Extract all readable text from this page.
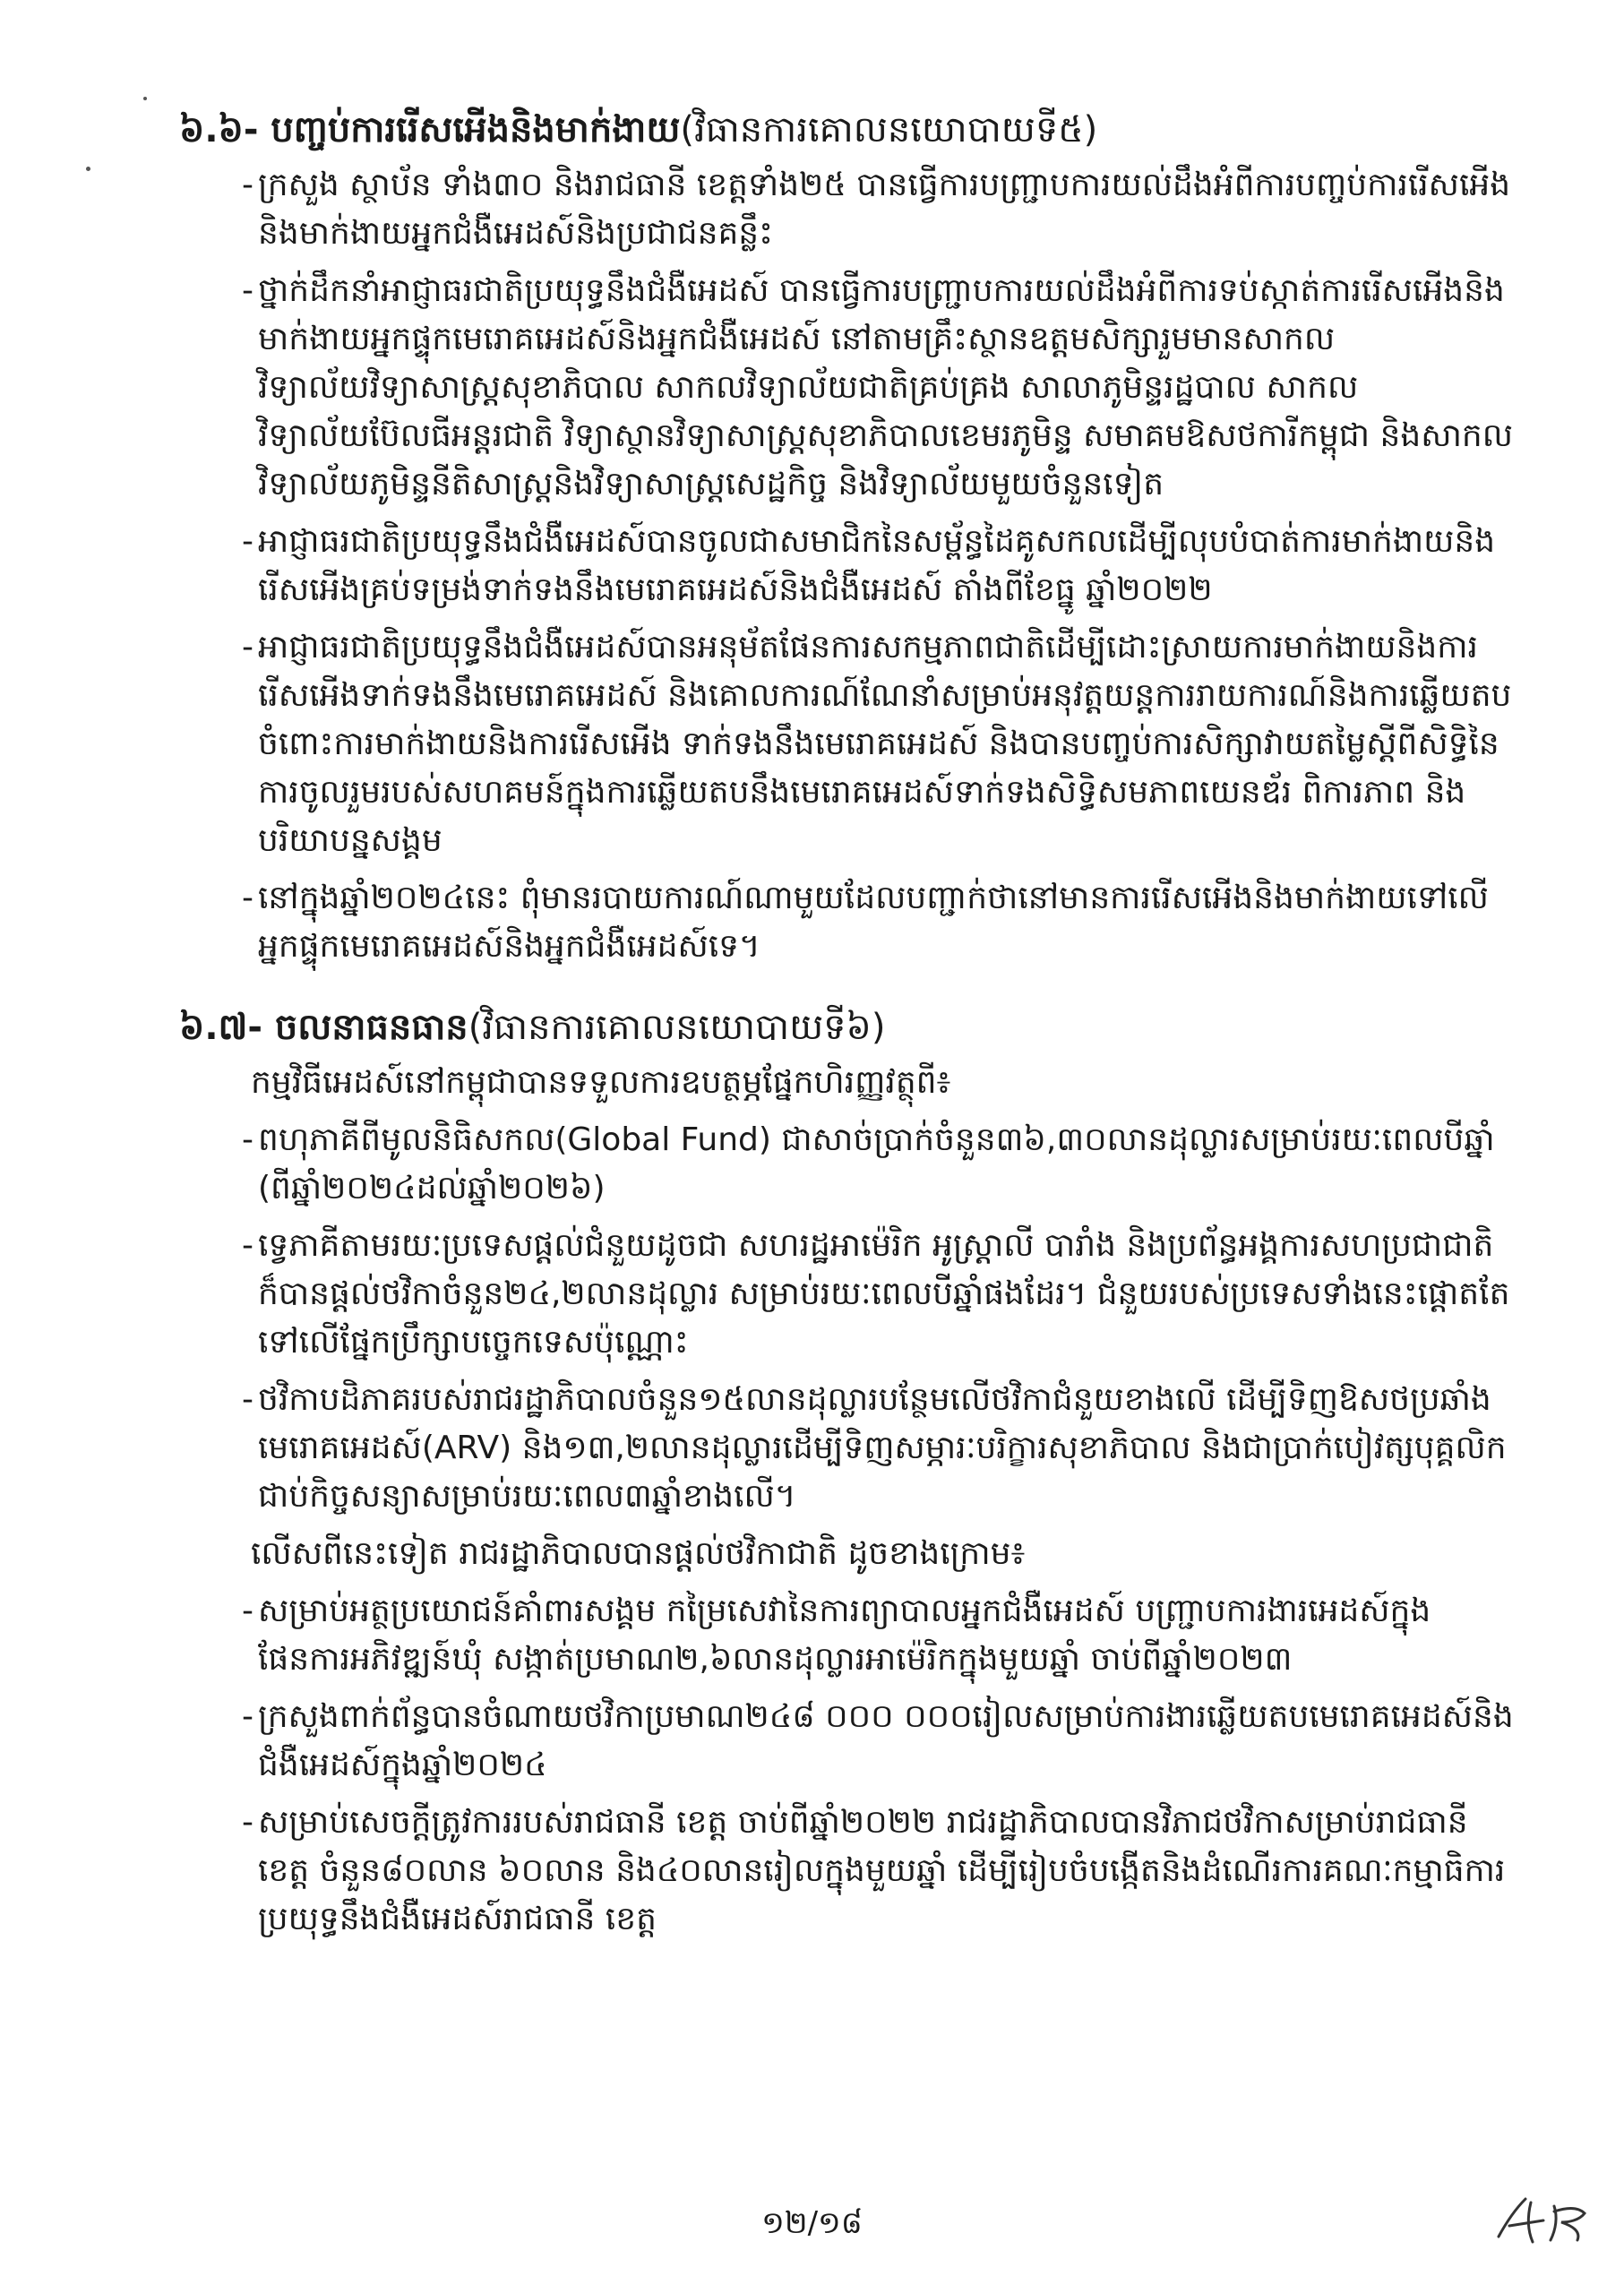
៦.៦- បញ្ចប់ការរើសអើងនិងមាក់ងាយ(វិធានការគោលនយោបាយទី៥)
- ក្រសួង ស្ថាប័ន ទាំង៣០ និងរាជធានី ខេត្តទាំង២៥ បានធ្វើការបញ្ជ្រាបការយល់ដឹងអំពីការបញ្ចប់ការរើសអើងនិងមាក់ងាយអ្នកជំងឺអេដស៍និងប្រជាជនគន្លឹះ
- ថ្នាក់ដឹកនាំអាជ្ញាធរជាតិប្រយុទ្ធនឹងជំងឺអេដស៍ បានធ្វើការបញ្ជ្រាបការយល់ដឹងអំពីការទប់ស្កាត់ការរើសអើងនិងមាក់ងាយអ្នកផ្ទុកមេរោគអេដស៍និងអ្នកជំងឺអេដស៍ នៅតាមគ្រឹះស្ថានឧត្តមសិក្សារួមមានសាកលវិទ្យាល័យវិទ្យាសាស្ត្រសុខាភិបាល សាកលវិទ្យាល័យជាតិគ្រប់គ្រង សាលាភូមិន្ទរដ្ឋបាល សាកលវិទ្យាល័យប៊ែលធីអន្តរជាតិ វិទ្យាស្ថានវិទ្យាសាស្ត្រសុខាភិបាលខេមរភូមិន្ទ សមាគមឱសថការីកម្ពុជា និងសាកលវិទ្យាល័យភូមិន្ទនីតិសាស្ត្រនិងវិទ្យាសាស្ត្រសេដ្ឋកិច្ច និងវិទ្យាល័យមួយចំនួនទៀត
- អាជ្ញាធរជាតិប្រយុទ្ធនឹងជំងឺអេដស៍បានចូលជាសមាជិកនៃសម្ព័ន្ធដៃគូសកលដើម្បីលុបបំបាត់ការមាក់ងាយនិងរើសអើងគ្រប់ទម្រង់ទាក់ទងនឹងមេរោគអេដស៍និងជំងឺអេដស៍ តាំងពីខែធ្នូ ឆ្នាំ២០២២
- អាជ្ញាធរជាតិប្រយុទ្ធនឹងជំងឺអេដស៍បានអនុម័តផែនការសកម្មភាពជាតិដើម្បីដោះស្រាយការមាក់ងាយនិងការរើសអើងទាក់ទងនឹងមេរោគអេដស៍ និងគោលការណ៍ណែនាំសម្រាប់អនុវត្តយន្តការរាយការណ៍និងការឆ្លើយតបចំពោះការមាក់ងាយនិងការរើសអើង ទាក់ទងនឹងមេរោគអេដស៍ និងបានបញ្ចប់ការសិក្សាវាយតម្លៃស្តីពីសិទ្ធិនៃការចូលរួមរបស់សហគមន៍ក្នុងការឆ្លើយតបនឹងមេរោគអេដស៍ទាក់ទងសិទ្ធិសមភាពយេនឌ័រ ពិការភាព និងបរិយាបន្នសង្គម
- នៅក្នុងឆ្នាំ២០២៤នេះ ពុំមានរបាយការណ៍ណាមួយដែលបញ្ជាក់ថានៅមានការរើសអើងនិងមាក់ងាយទៅលើអ្នកផ្ទុកមេរោគអេដស៍និងអ្នកជំងឺអេដស៍ទេ។
៦.៧- ចលនាធនធាន(វិធានការគោលនយោបាយទី៦)
កម្មវិធីអេដស៍នៅកម្ពុជាបានទទួលការឧបត្ថម្ភផ្នែកហិរញ្ញវត្ថុពី៖
- ពហុភាគីពីមូលនិធិសកល(Global Fund) ជាសាច់ប្រាក់ចំនួន៣៦,៣០លានដុល្លារសម្រាប់រយៈពេលបីឆ្នាំ (ពីឆ្នាំ២០២៤ដល់ឆ្នាំ២០២៦)
- ទ្វេភាគីតាមរយៈប្រទេសផ្តល់ជំនួយដូចជា សហរដ្ឋអាម៉េរិក អូស្ត្រាលី បារាំង និងប្រព័ន្ធអង្គការសហប្រជាជាតិ ក៏បានផ្តល់ថវិកាចំនួន២៤,២លានដុល្លារ សម្រាប់រយៈពេលបីឆ្នាំផងដែរ។ ជំនួយរបស់ប្រទេសទាំងនេះផ្តោតតែទៅលើផ្នែកប្រឹក្សាបច្ចេកទេសប៉ុណ្ណោះ
- ថវិកាបដិភាគរបស់រាជរដ្ឋាភិបាលចំនួន១៥លានដុល្លារបន្ថែមលើថវិកាជំនួយខាងលើ ដើម្បីទិញឱសថប្រឆាំងមេរោគអេដស៍(ARV) និង១៣,២លានដុល្លារដើម្បីទិញសម្ភារៈបរិក្ខារសុខាភិបាល និងជាប្រាក់បៀវត្សបុគ្គលិកជាប់កិច្ចសន្យាសម្រាប់រយៈពេល៣ឆ្នាំខាងលើ។
លើសពីនេះទៀត រាជរដ្ឋាភិបាលបានផ្តល់ថវិកាជាតិ ដូចខាងក្រោម៖
- សម្រាប់អត្ថប្រយោជន៍គាំពារសង្គម កម្រៃសេវានៃការព្យាបាលអ្នកជំងឺអេដស៍ បញ្ជ្រាបការងារអេដស៍ក្នុងផែនការអភិវឌ្ឍន៍ឃុំ សង្កាត់ប្រមាណ២,៦លានដុល្លារអាម៉េរិកក្នុងមួយឆ្នាំ ចាប់ពីឆ្នាំ២០២៣
- ក្រសួងពាក់ព័ន្ធបានចំណាយថវិកាប្រមាណ២៤៨ ០០០ ០០០រៀលសម្រាប់ការងារឆ្លើយតបមេរោគអេដស៍និងជំងឺអេដស៍ក្នុងឆ្នាំ២០២៤
- សម្រាប់សេចក្តីត្រូវការរបស់រាជធានី ខេត្ត ចាប់ពីឆ្នាំ២០២២ រាជរដ្ឋាភិបាលបានវិភាជថវិកាសម្រាប់រាជធានី ខេត្ត ចំនួន៨០លាន ៦០លាន និង៤០លានរៀលក្នុងមួយឆ្នាំ ដើម្បីរៀបចំបង្កើតនិងដំណើរការគណៈកម្មាធិការប្រយុទ្ធនឹងជំងឺអេដស៍រាជធានី ខេត្ត
១២/១៨
